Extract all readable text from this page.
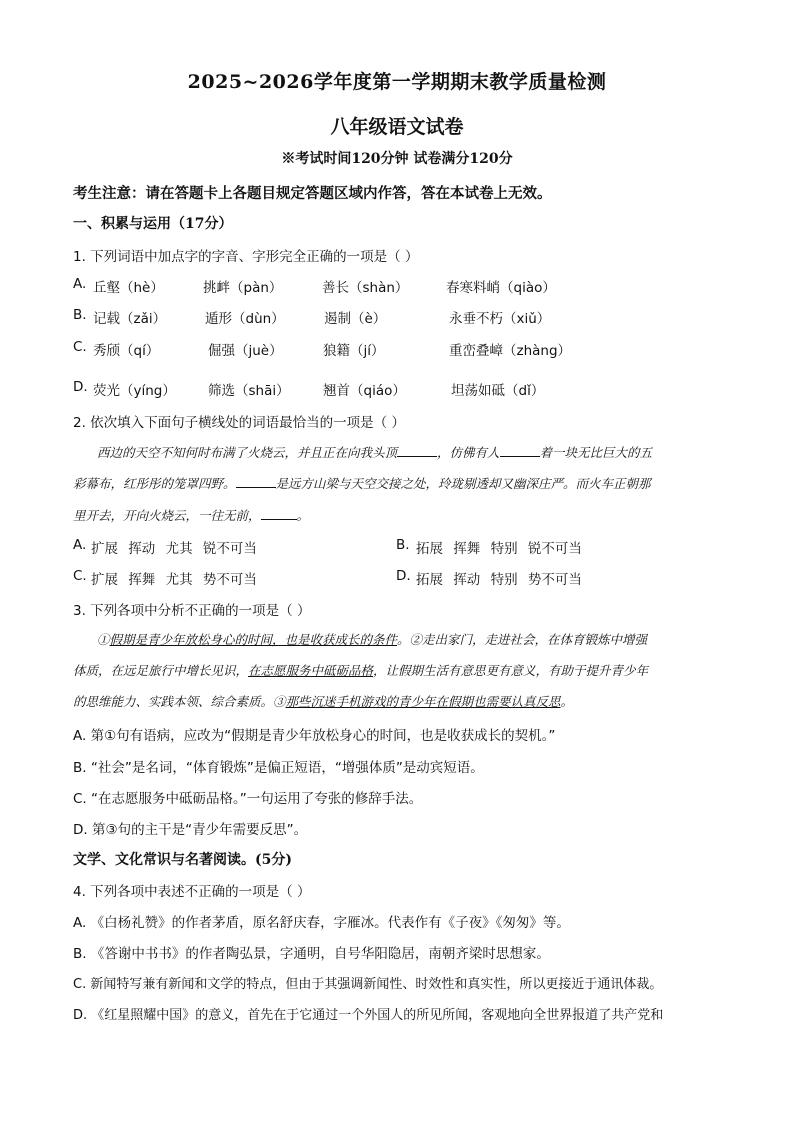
2025~2026学年度第一学期期末教学质量检测
八年级语文试卷
※考试时间120分钟 试卷满分120分
考生注意：请在答题卡上各题目规定答题区域内作答，答在本试卷上无效。
一、积累与运用（17分）
1. 下列词语中加点字的字音、字形完全正确的一项是（ ）
A. 丘壑（hè）	挑衅（pàn）	善长（shàn）	春寒料峭（qiào）
B. 记载（zǎi）	遁形（dùn）	遏制（è）	永垂不朽（xiǔ）
C. 秀颀（qí）	倔强（juè）	狼籍（jí）	重峦叠嶂（zhàng）
D. 荧光（yíng） 筛选（shāi） 翘首（qiáo）	坦荡如砥（dǐ）
2. 依次填入下面句子横线处的词语最恰当的一项是（ ）
西边的天空不知何时布满了火烧云，并且正在向我头顶	，仿佛有人	着一块无比巨大的五
彩幕布，红彤彤的笼罩四野。	是远方山梁与天空交接之处，玲珑剔透却又幽深庄严。而火车正朝那
里开去，开向火烧云，一往无前，	。
A. 扩展 挥动 尤其 锐不可当	B. 拓展 挥舞 特别 锐不可当
C. 扩展 挥舞 尤其 势不可当	D. 拓展 挥动 特别 势不可当
3. 下列各项中分析不正确的一项是（ ）
①假期是青少年放松身心的时间，也是收获成长的条件。②走出家门，走进社会，在体育锻炼中增强
体质，在远足旅行中增长见识，在志愿服务中砥砺品格，让假期生活有意思更有意义，有助于提升青少年
的思维能力、实践本领、综合素质。③那些沉迷手机游戏的青少年在假期也需要认真反思。
A. 第①句有语病，应改为“假期是青少年放松身心的时间，也是收获成长的契机。”
B. “社会”是名词，“体育锻炼”是偏正短语，“增强体质”是动宾短语。
C. “在志愿服务中砥砺品格。”一句运用了夸张的修辞手法。
D. 第③句的主干是“青少年需要反思”。
文学、文化常识与名著阅读。(5分)
4. 下列各项中表述不正确的一项是（ ）
A. 《白杨礼赞》的作者茅盾，原名舒庆春，字雁冰。代表作有《子夜》《匆匆》等。
B. 《答谢中书书》的作者陶弘景，字通明，自号华阳隐居，南朝齐梁时思想家。
C. 新闻特写兼有新闻和文学的特点，但由于其强调新闻性、时效性和真实性，所以更接近于通讯体裁。
D. 《红星照耀中国》的意义，首先在于它通过一个外国人的所见所闻，客观地向全世界报道了共产党和
